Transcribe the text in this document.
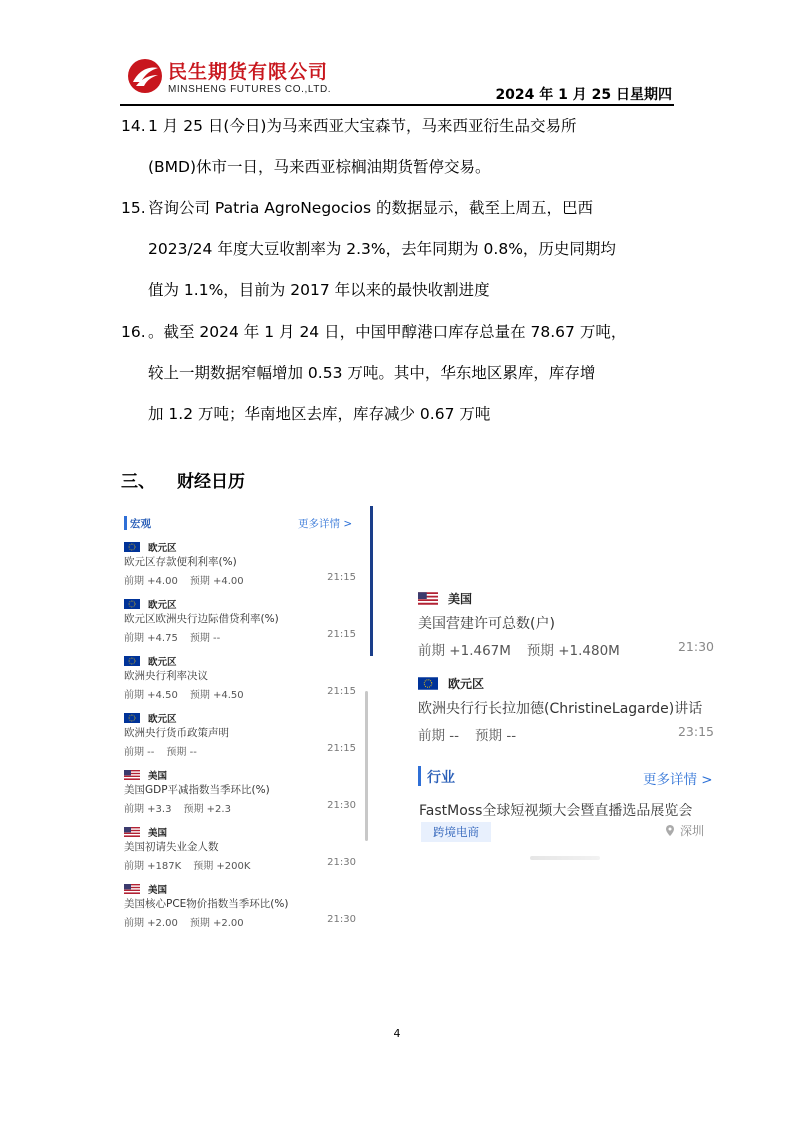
民生期货有限公司
MINSHENG FUTURES CO.,LTD.	2024 年 1 月 25 日星期四
14. 1 月 25 日(今日)为马来西亚大宝森节，马来西亚衍生品交易所
(BMD)休市一日，马来西亚棕榈油期货暂停交易。
15. 咨询公司 Patria AgroNegocios 的数据显示，截至上周五，巴西
2023/24 年度大豆收割率为 2.3%，去年同期为 0.8%，历史同期均
值为 1.1%，目前为 2017 年以来的最快收割进度
16. 。截至 2024 年 1 月 24 日，中国甲醇港口库存总量在 78.67 万吨，
较上一期数据窄幅增加 0.53 万吨。其中，华东地区累库，库存增
加 1.2 万吨；华南地区去库，库存减少 0.67 万吨
三、 财经日历
宏观	更多详情 >
欧元区
欧元区存款便利利率(%)
前期 +4.00 预期 +4.00	21:15
欧元区
欧元区欧洲央行边际借贷利率(%)
前期 +4.75 预期 --	21:15
欧元区
欧洲央行利率决议
前期 +4.50 预期 +4.50	21:15
欧元区
欧洲央行货币政策声明
前期 -- 预期 --	21:15
美国
美国GDP平减指数当季环比(%)
前期 +3.3 预期 +2.3	21:30
美国
美国初请失业金人数
前期 +187K 预期 +200K	21:30
美国
美国核心PCE物价指数当季环比(%)
前期 +2.00 预期 +2.00	21:30
美国
美国营建许可总数(户)
前期 +1.467M 预期 +1.480M	21:30
欧元区
欧洲央行行长拉加德(ChristineLagarde)讲话
前期 -- 预期 --	23:15
行业	更多详情 >
FastMoss全球短视频大会暨直播选品展览会
跨境电商	深圳
4
